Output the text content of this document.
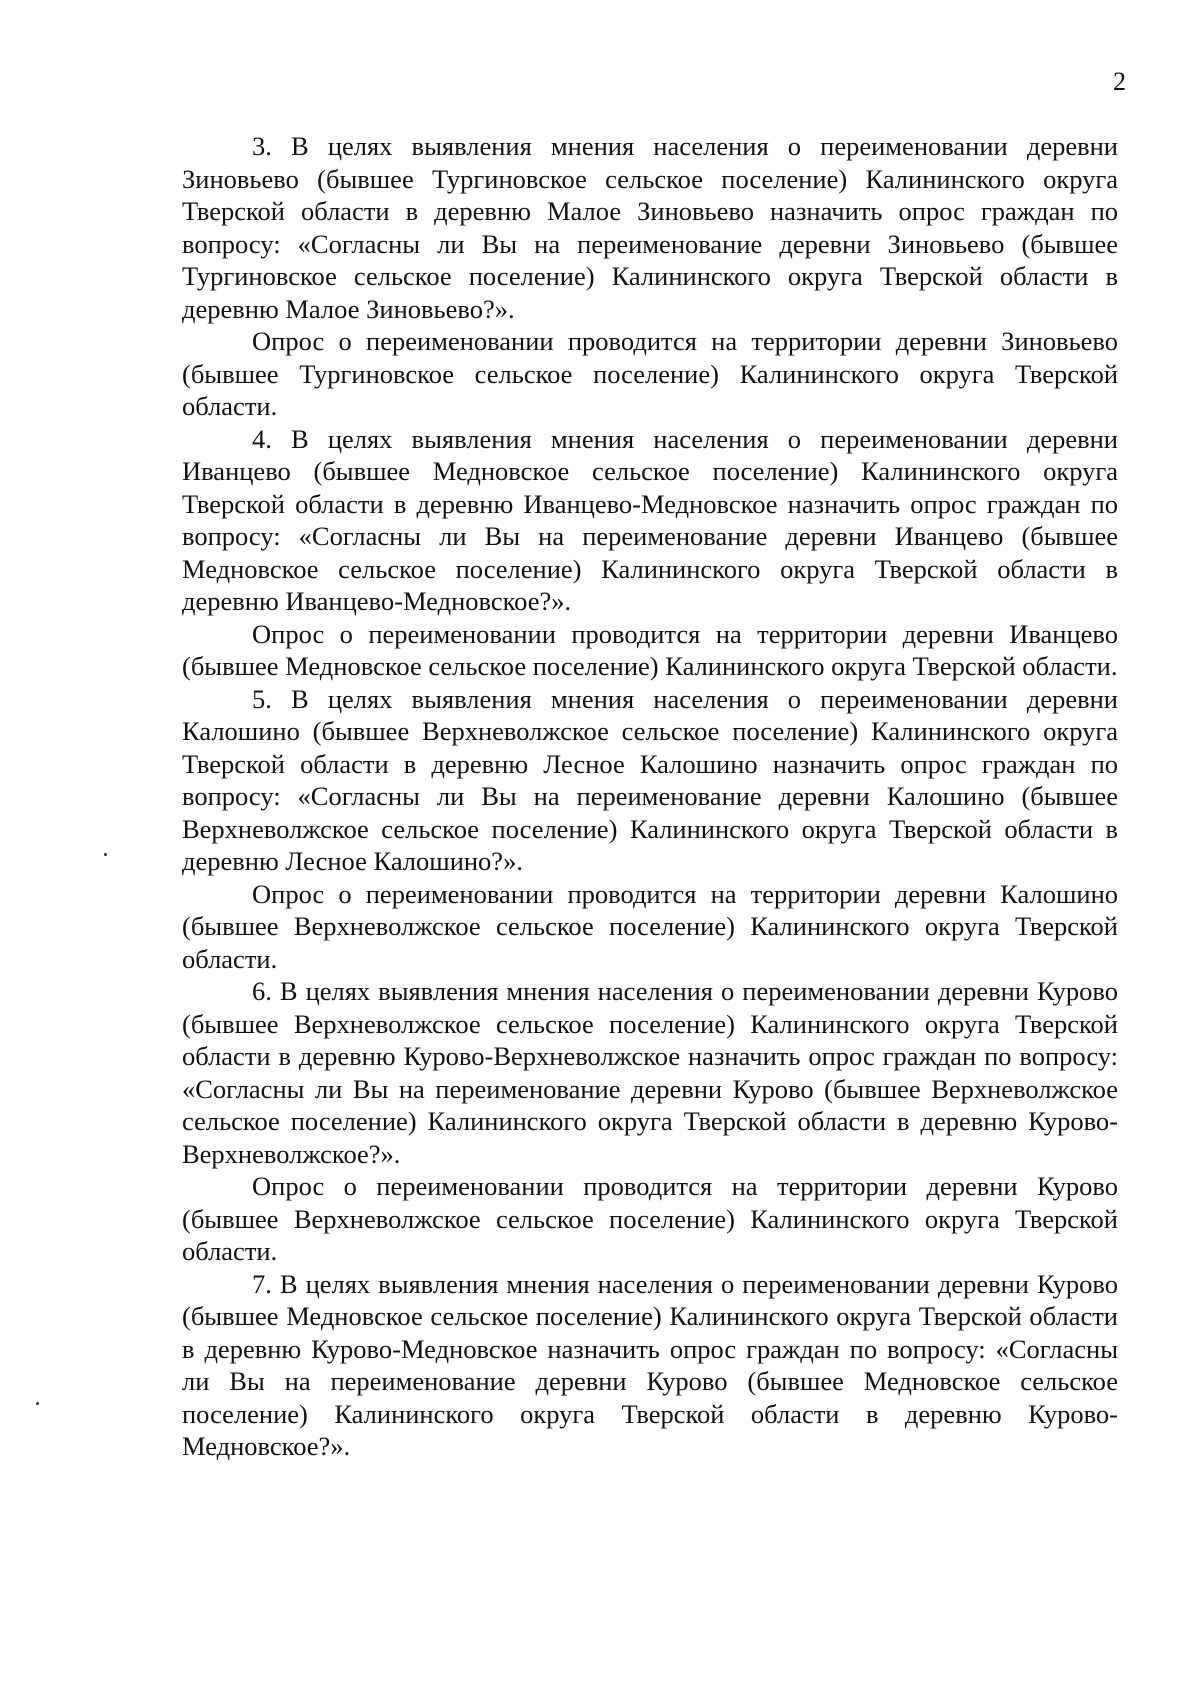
2

3. В целях выявления мнения населения о переименовании деревни Зиновьево (бывшее Тургиновское сельское поселение) Калининского округа Тверской области в деревню Малое Зиновьево назначить опрос граждан по вопросу: «Согласны ли Вы на переименование деревни Зиновьево (бывшее Тургиновское сельское поселение) Калининского округа Тверской области в деревню Малое Зиновьево?».

Опрос о переименовании проводится на территории деревни Зиновьево (бывшее Тургиновское сельское поселение) Калининского округа Тверской области.

4. В целях выявления мнения населения о переименовании деревни Иванцево (бывшее Медновское сельское поселение) Калининского округа Тверской области в деревню Иванцево-Медновское назначить опрос граждан по вопросу: «Согласны ли Вы на переименование деревни Иванцево (бывшее Медновское сельское поселение) Калининского округа Тверской области в деревню Иванцево-Медновское?».

Опрос о переименовании проводится на территории деревни Иванцево (бывшее Медновское сельское поселение) Калининского округа Тверской области.

5. В целях выявления мнения населения о переименовании деревни Калошино (бывшее Верхневолжское сельское поселение) Калининского округа Тверской области в деревню Лесное Калошино назначить опрос граждан по вопросу: «Согласны ли Вы на переименование деревни Калошино (бывшее Верхневолжское сельское поселение) Калининского округа Тверской области в деревню Лесное Калошино?».

Опрос о переименовании проводится на территории деревни Калошино (бывшее Верхневолжское сельское поселение) Калининского округа Тверской области.

6. В целях выявления мнения населения о переименовании деревни Курово (бывшее Верхневолжское сельское поселение) Калининского округа Тверской области в деревню Курово-Верхневолжское назначить опрос граждан по вопросу: «Согласны ли Вы на переименование деревни Курово (бывшее Верхневолжское сельское поселение) Калининского округа Тверской области в деревню Курово-Верхневолжское?».

Опрос о переименовании проводится на территории деревни Курово (бывшее Верхневолжское сельское поселение) Калининского округа Тверской области.

7. В целях выявления мнения населения о переименовании деревни Курово (бывшее Медновское сельское поселение) Калининского округа Тверской области в деревню Курово-Медновское назначить опрос граждан по вопросу: «Согласны ли Вы на переименование деревни Курово (бывшее Медновское сельское поселение) Калининского округа Тверской области в деревню Курово-Медновское?».
